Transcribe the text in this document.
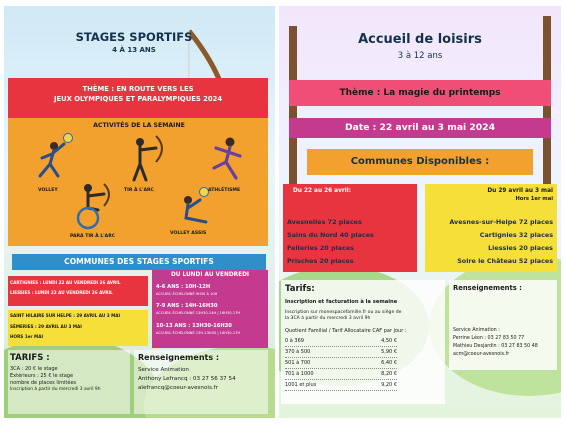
STAGES SPORTIFS
4 À 13 ANS
THÈME : EN ROUTE VERS LES
JEUX OLYMPIQUES ET PARALYMPIQUES 2024
ACTIVITÉS DE LA SEMAINE
VOLLEY	TIR À L'ARC	ATHLÉTISME
PARA TIR À L'ARC
VOLLEY ASSIS
COMMUNES DES STAGES SPORTIFS
CARTIGNIES : LUNDI 22 AU VENDREDI 26 AVRIL
LIESSIES : LUNDI 22 AU VENDREDI 26 AVRIL
SAINT HILAIRE SUR HELPE : 29 AVRIL AU 3 MAI
SÉMERIES : 29 AVRIL AU 3 MAI
HORS 1er MAI
DU LUNDI AU VENDREDI
4-6 ANS : 10H-12H
ACCUEIL ÉCHELONNÉ 9H30 À 10H
7-9 ANS : 14H-16H30
ACCUEIL ÉCHELONNÉ 13H30-14H | 16H30-17H
10-13 ANS : 13H30-16H30
ACCUEIL ÉCHELONNÉ 13H-13H30 | 16H30-17H
TARIFS :
3CA : 20 € le stage
Extérieurs : 25 € le stage
nombre de places limitées
Inscription à partir du mercredi 3 avril 9h
Renseignements :
Service Animation
Anthony Lefrancq : 03 27 56 37 54
alefrancq@coeur-avesnois.fr
Accueil de loisirs
3 à 12 ans
Thème : La magie du printemps
Date : 22 avril au 3 mai 2024
Communes Disponibles :
Du 22 au 26 avril:
Avesnelles 72 places
Sains du Nord 40 places
Felleries 20 places
Prisches 20 places
Du 29 avril au 3 mai
Hors 1er mai
Avesnes-sur-Helpe 72 places
Cartignies 32 places
Liessies 20 places
Solre le Château 52 places
Tarifs:
Inscription et facturation à la semaine
Inscription sur monespacefamille.fr ou au siège de
la 3CA à partir du mercredi 3 avril 9h
Quotient Familial / Tarif Allocataire CAF par jour :
0 à 369	4,50 €
370 à 500	5,90 €
501 à 700	6,40 €
701 à 1000	8,20 €
1001 et plus	9,20 €
Renseignements :
Service Animation :
Perrine Léon : 03 27 83 50 77
Mathieu Desjardin : 03 27 83 50 48
acm@coeur-avesnois.fr
